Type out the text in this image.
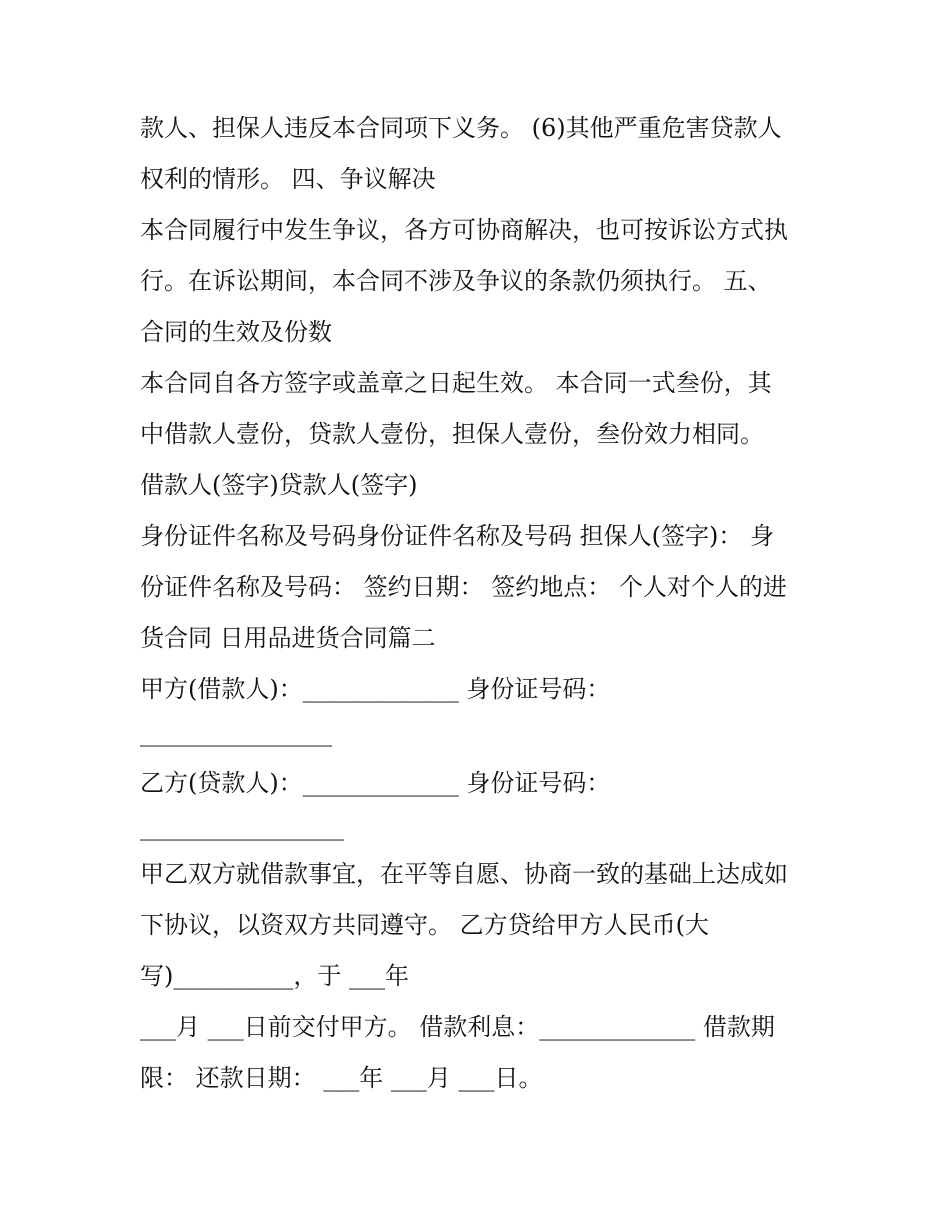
款人、担保人违反本合同项下义务。 (6)其他严重危害贷款人

权利的情形。 四、争议解决

本合同履行中发生争议，各方可协商解决，也可按诉讼方式执

行。在诉讼期间，本合同不涉及争议的条款仍须执行。 五、

合同的生效及份数

本合同自各方签字或盖章之日起生效。 本合同一式叁份，其

中借款人壹份，贷款人壹份，担保人壹份，叁份效力相同。

借款人(签字)贷款人(签字)

身份证件名称及号码身份证件名称及号码 担保人(签字)： 身

份证件名称及号码： 签约日期： 签约地点： 个人对个人的进

货合同 日用品进货合同篇二

甲方(借款人)：_____________ 身份证号码：

________________

乙方(贷款人)：_____________ 身份证号码：

_________________

甲乙双方就借款事宜，在平等自愿、协商一致的基础上达成如

下协议，以资双方共同遵守。 乙方贷给甲方人民币(大

写)__________，于 ___年

___月 ___日前交付甲方。 借款利息：_____________ 借款期

限： 还款日期： ___年 ___月 ___日。
